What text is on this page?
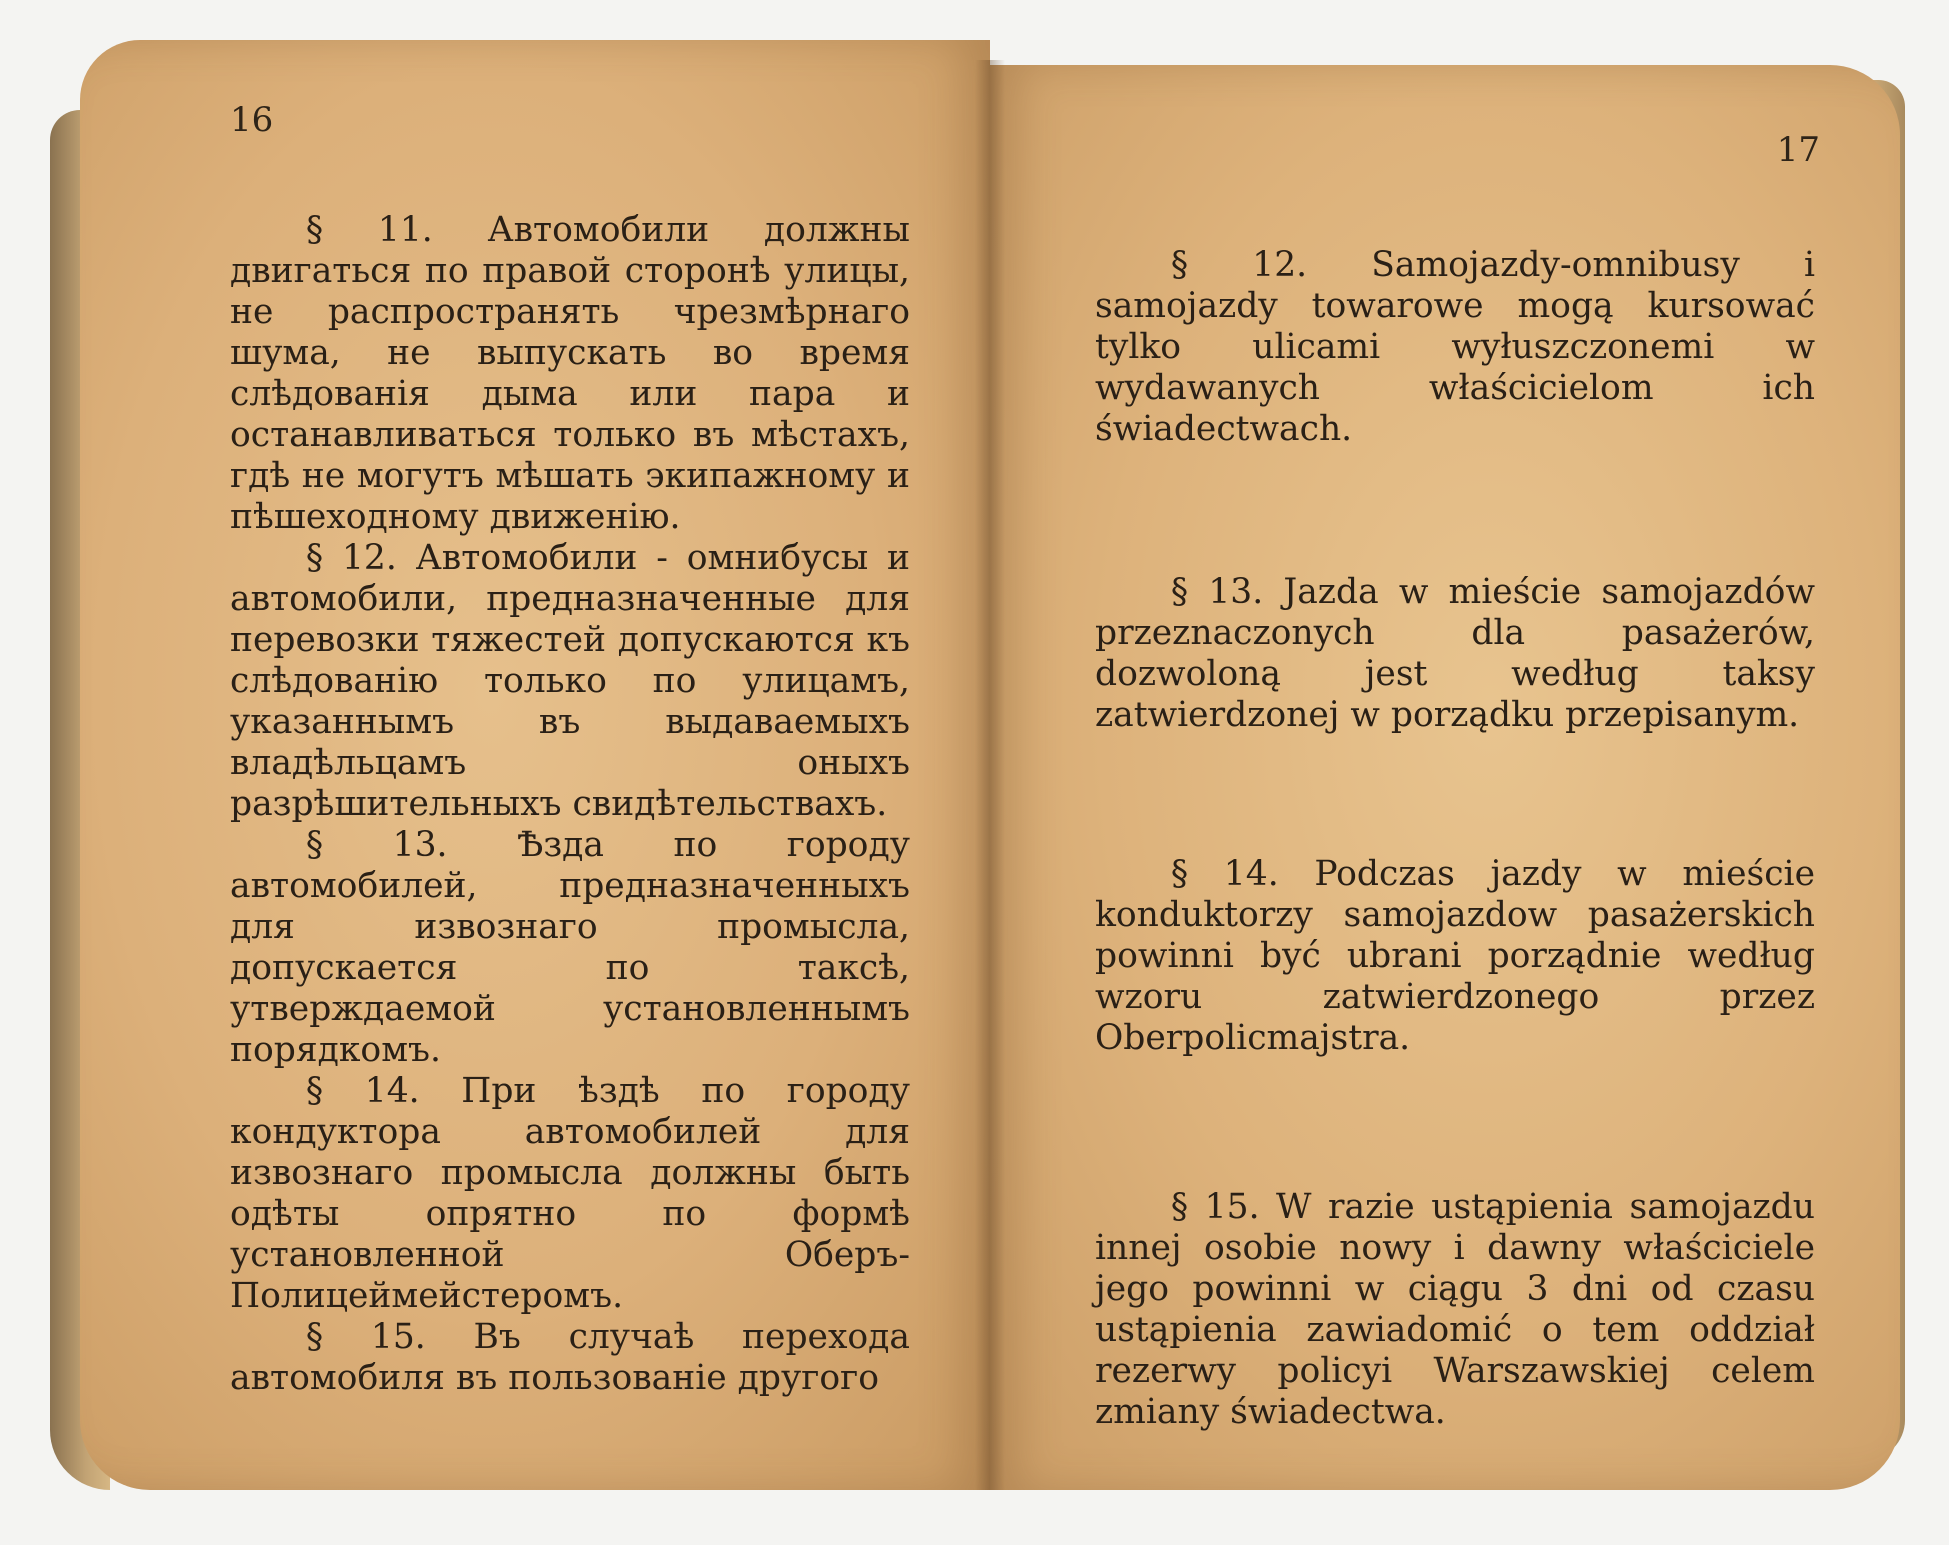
16

§ 11. Автомобили должны двигаться по правой сторонѣ улицы, не распространять чрезмѣрнаго шума, не выпускать во время слѣдованія дыма или пара и останавливаться только въ мѣстахъ, гдѣ не могутъ мѣшать экипажному и пѣшеходному движенію.

§ 12. Автомобили - омнибусы и автомобили, предназначенные для перевозки тяжестей допускаются къ слѣдованію только по улицамъ, указаннымъ въ выдаваемыхъ владѣльцамъ оныхъ разрѣшительныхъ свидѣтельствахъ.

§ 13. Ѣзда по городу автомобилей, предназначенныхъ для извознаго промысла, допускается по таксѣ, утверждаемой установленнымъ порядкомъ.

§ 14. При ѣздѣ по городу кондуктора автомобилей для извознаго промысла должны быть одѣты опрятно по формѣ установленной Оберъ-Полицеймейстеромъ.

§ 15. Въ случаѣ перехода автомобиля въ пользованіе другого

17

§ 12. Samojazdy-omnibusy i samojazdy towarowe mogą kursować tylko ulicami wyłuszczonemi w wydawanych właścicielom ich świadectwach.

§ 13. Jazda w mieście samojazdów przeznaczonych dla pasażerów, dozwoloną jest według taksy zatwierdzonej w porządku przepisanym.

§ 14. Podczas jazdy w mieście konduktorzy samojazdow pasażerskich powinni być ubrani porządnie według wzoru zatwierdzonego przez Oberpolicmajstra.

§ 15. W razie ustąpienia samojazdu innej osobie nowy i dawny właściciele jego powinni w ciągu 3 dni od czasu ustąpienia zawiadomić o tem oddział rezerwy policyi Warszawskiej celem zmiany świadectwa.
